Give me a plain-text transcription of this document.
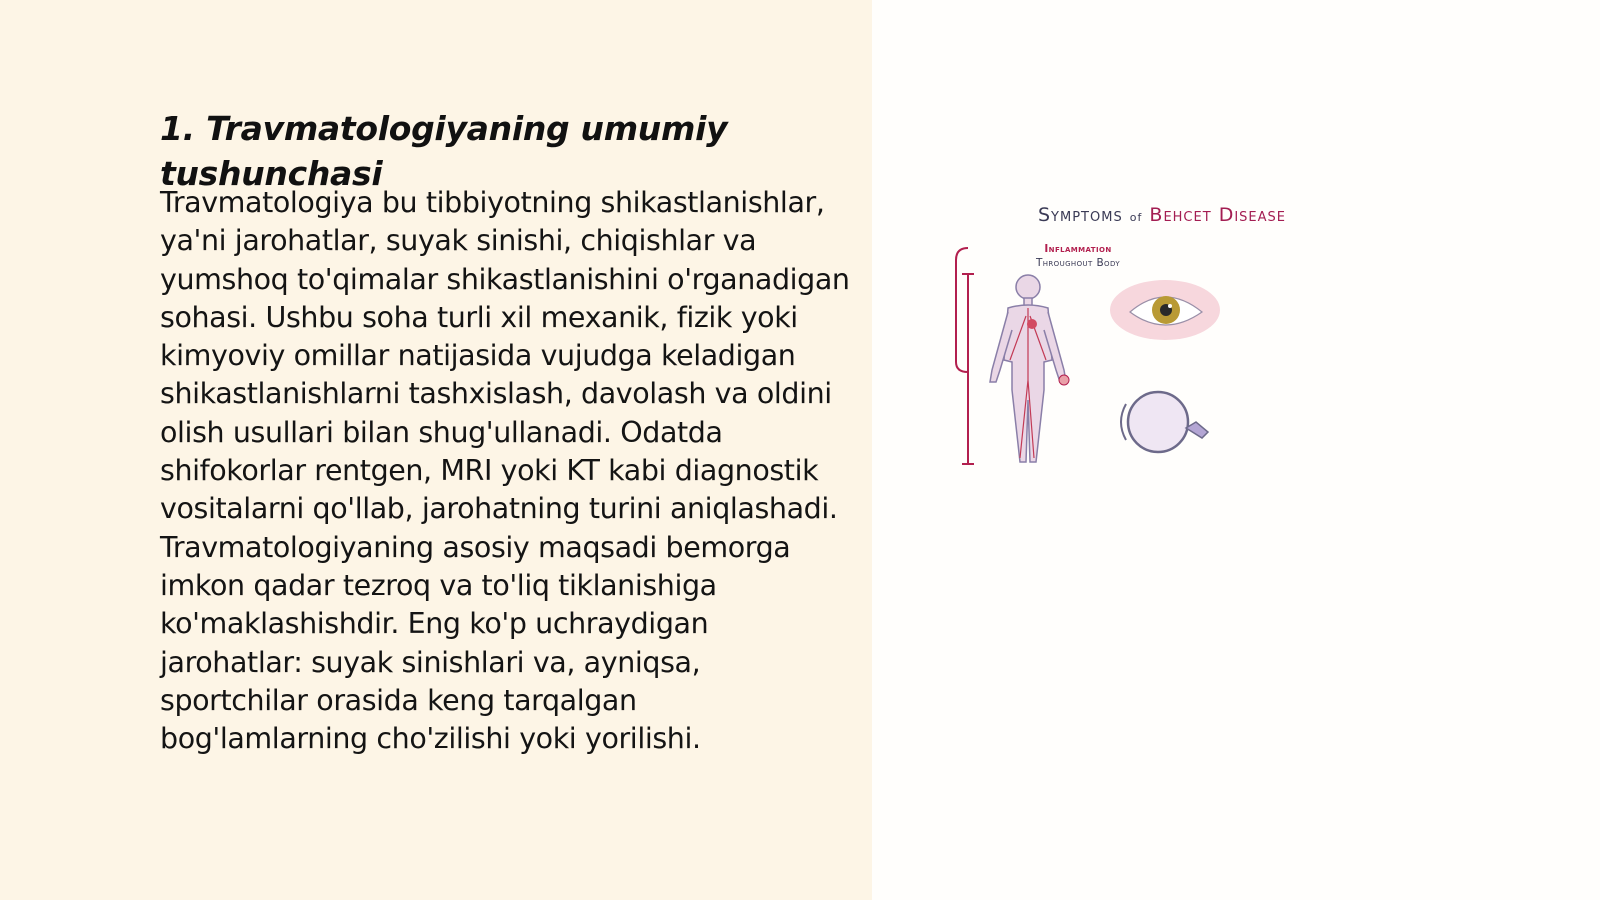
1. Travmatologiyaning umumiy tushunchasi

Travmatologiya bu tibbiyotning shikastlanishlar, ya'ni jarohatlar, suyak sinishi, chiqishlar va yumshoq to'qimalar shikastlanishini o'rganadigan sohasi. Ushbu soha turli xil mexanik, fizik yoki kimyoviy omillar natijasida vujudga keladigan shikastlanishlarni tashxislash, davolash va oldini olish usullari bilan shug'ullanadi. Odatda shifokorlar rentgen, MRI yoki KT kabi diagnostik vositalarni qo'llab, jarohatning turini aniqlashadi. Travmatologiyaning asosiy maqsadi bemorga imkon qadar tezroq va to'liq tiklanishiga ko'maklashishdir. Eng ko'p uchraydigan jarohatlar: suyak sinishlari va, ayniqsa, sportchilar orasida keng tarqalgan bog'lamlarning cho'zilishi yoki yorilishi.

Symptoms of Behcet Disease
Inflammation
Throughout Body
